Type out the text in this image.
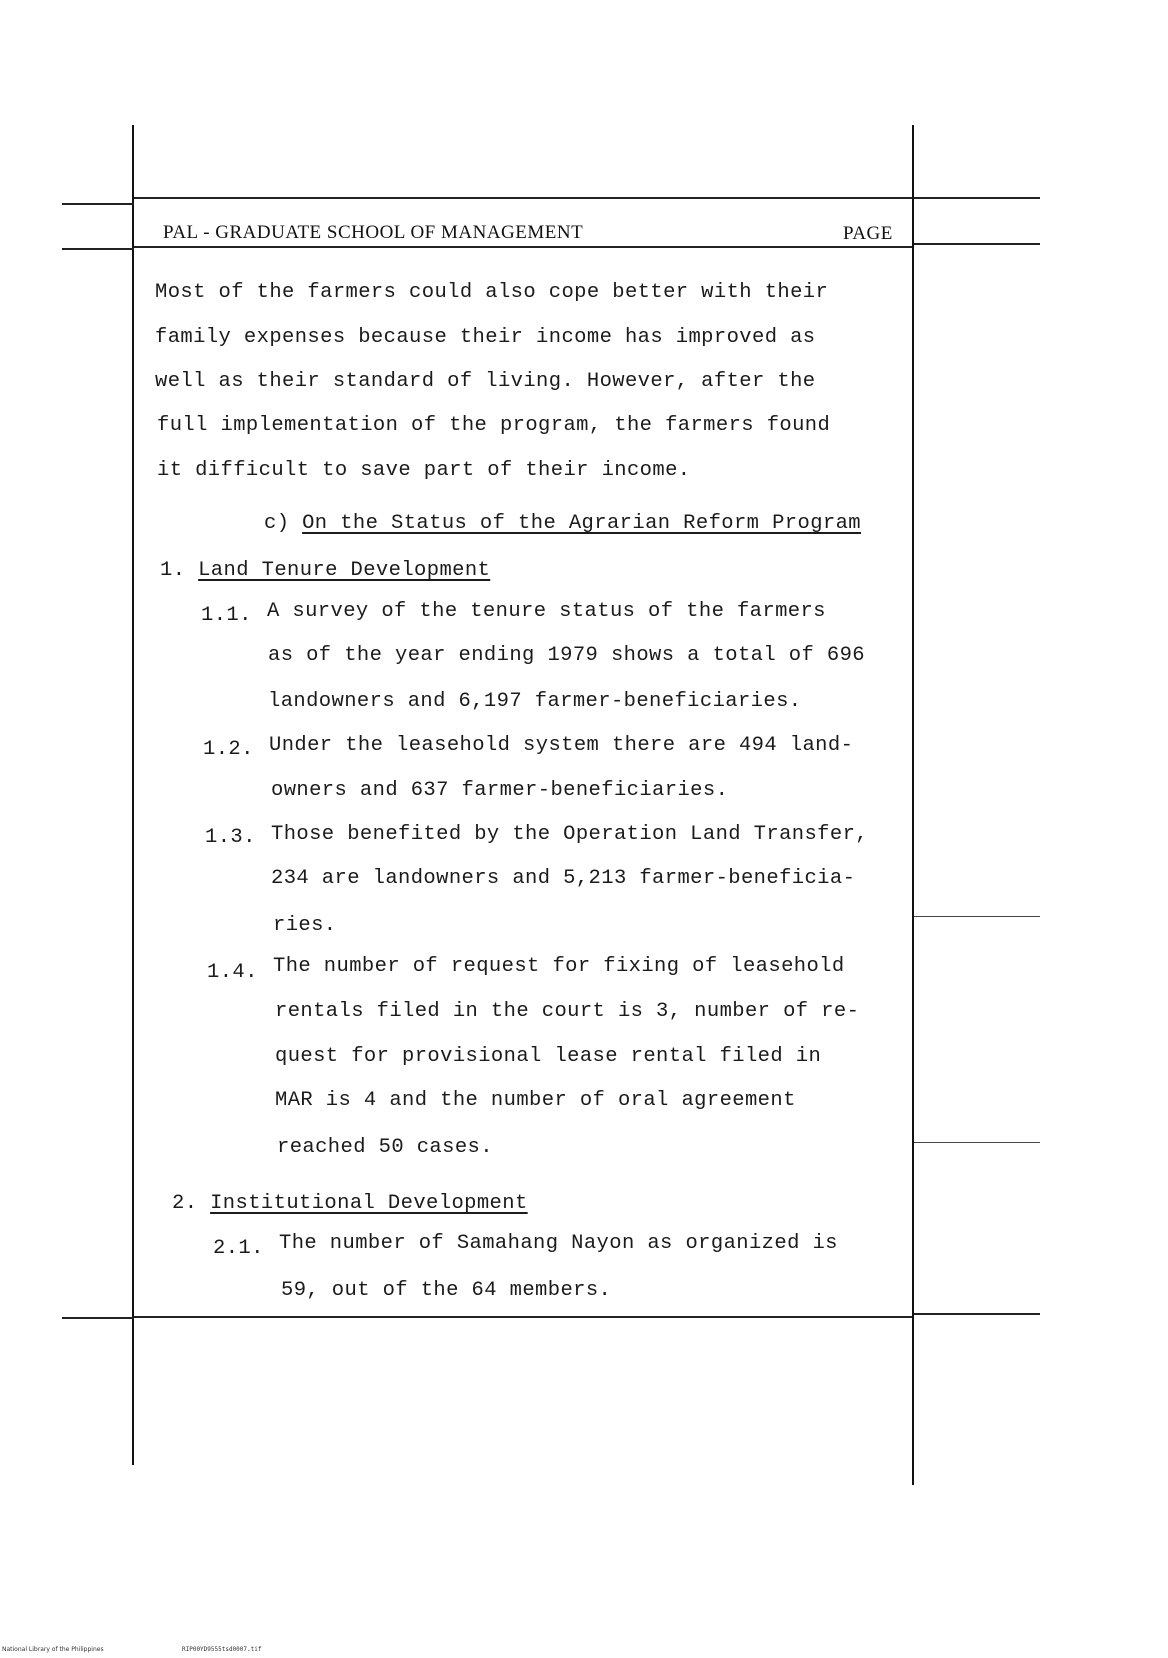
PAL - GRADUATE SCHOOL OF MANAGEMENT	PAGE
Most of the farmers could also cope better with their
family expenses because their income has improved as
well as their standard of living. However, after the
full implementation of the program, the farmers found
it difficult to save part of their income.
c) On the Status of the Agrarian Reform Program
1. Land Tenure Development
1.1. A survey of the tenure status of the farmers
as of the year ending 1979 shows a total of 696
landowners and 6,197 farmer-beneficiaries.
1.2. Under the leasehold system there are 494 land-
owners and 637 farmer-beneficiaries.
1.3. Those benefited by the Operation Land Transfer,
234 are landowners and 5,213 farmer-beneficia-
ries.
1.4. The number of request for fixing of leasehold
rentals filed in the court is 3, number of re-
quest for provisional lease rental filed in
MAR is 4 and the number of oral agreement
reached 50 cases.
2. Institutional Development
2.1. The number of Samahang Nayon as organized is
59, out of the 64 members.
National Library of the Philippines	RIP00YD9555tsd0007.tif
